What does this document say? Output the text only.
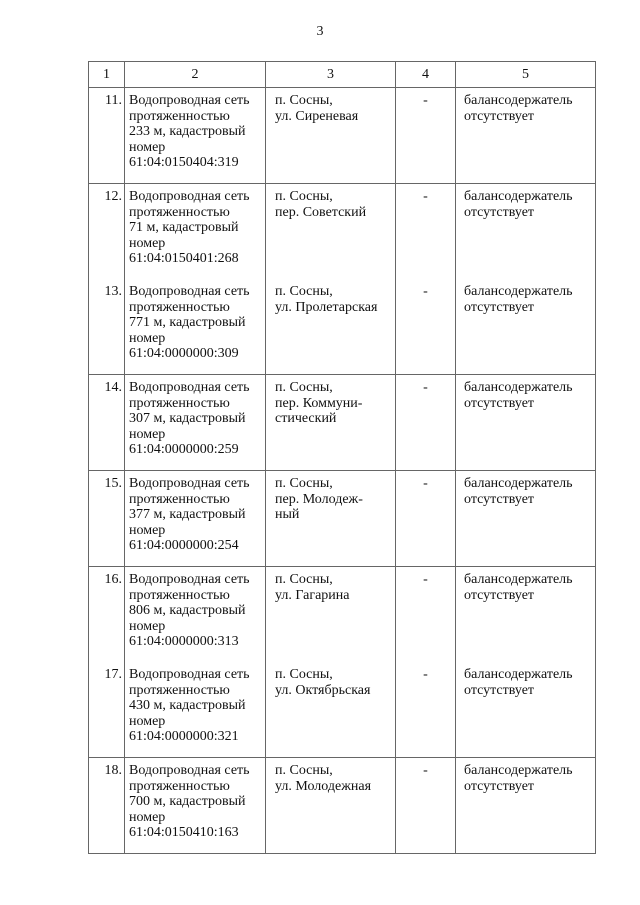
3
1	2	3	4	5
11.	Водопроводная сеть
протяженностью
233 м, кадастровый
номер
61:04:0150404:319	п. Сосны,
ул. Сиреневая	-	балансодержатель
отсутствует

12.	Водопроводная сеть
протяженностью
71 м, кадастровый
номер
61:04:0150401:268	п. Сосны,
пер. Советский	-	балансодержатель
отсутствует

13.	Водопроводная сеть
протяженностью
771 м, кадастровый
номер
61:04:0000000:309	п. Сосны,
ул. Пролетарская	-	балансодержатель
отсутствует

14.	Водопроводная сеть
протяженностью
307 м, кадастровый
номер
61:04:0000000:259	п. Сосны,
пер. Коммуни-
стический	-	балансодержатель
отсутствует

15.	Водопроводная сеть
протяженностью
377 м, кадастровый
номер
61:04:0000000:254	п. Сосны,
пер. Молодеж-
ный	-	балансодержатель
отсутствует

16.	Водопроводная сеть
протяженностью
806 м, кадастровый
номер
61:04:0000000:313	п. Сосны,
ул. Гагарина	-	балансодержатель
отсутствует

17.	Водопроводная сеть
протяженностью
430 м, кадастровый
номер
61:04:0000000:321	п. Сосны,
ул. Октябрьская	-	балансодержатель
отсутствует

18.	Водопроводная сеть
протяженностью
700 м, кадастровый
номер
61:04:0150410:163	п. Сосны,
ул. Молодежная	-	балансодержатель
отсутствует
